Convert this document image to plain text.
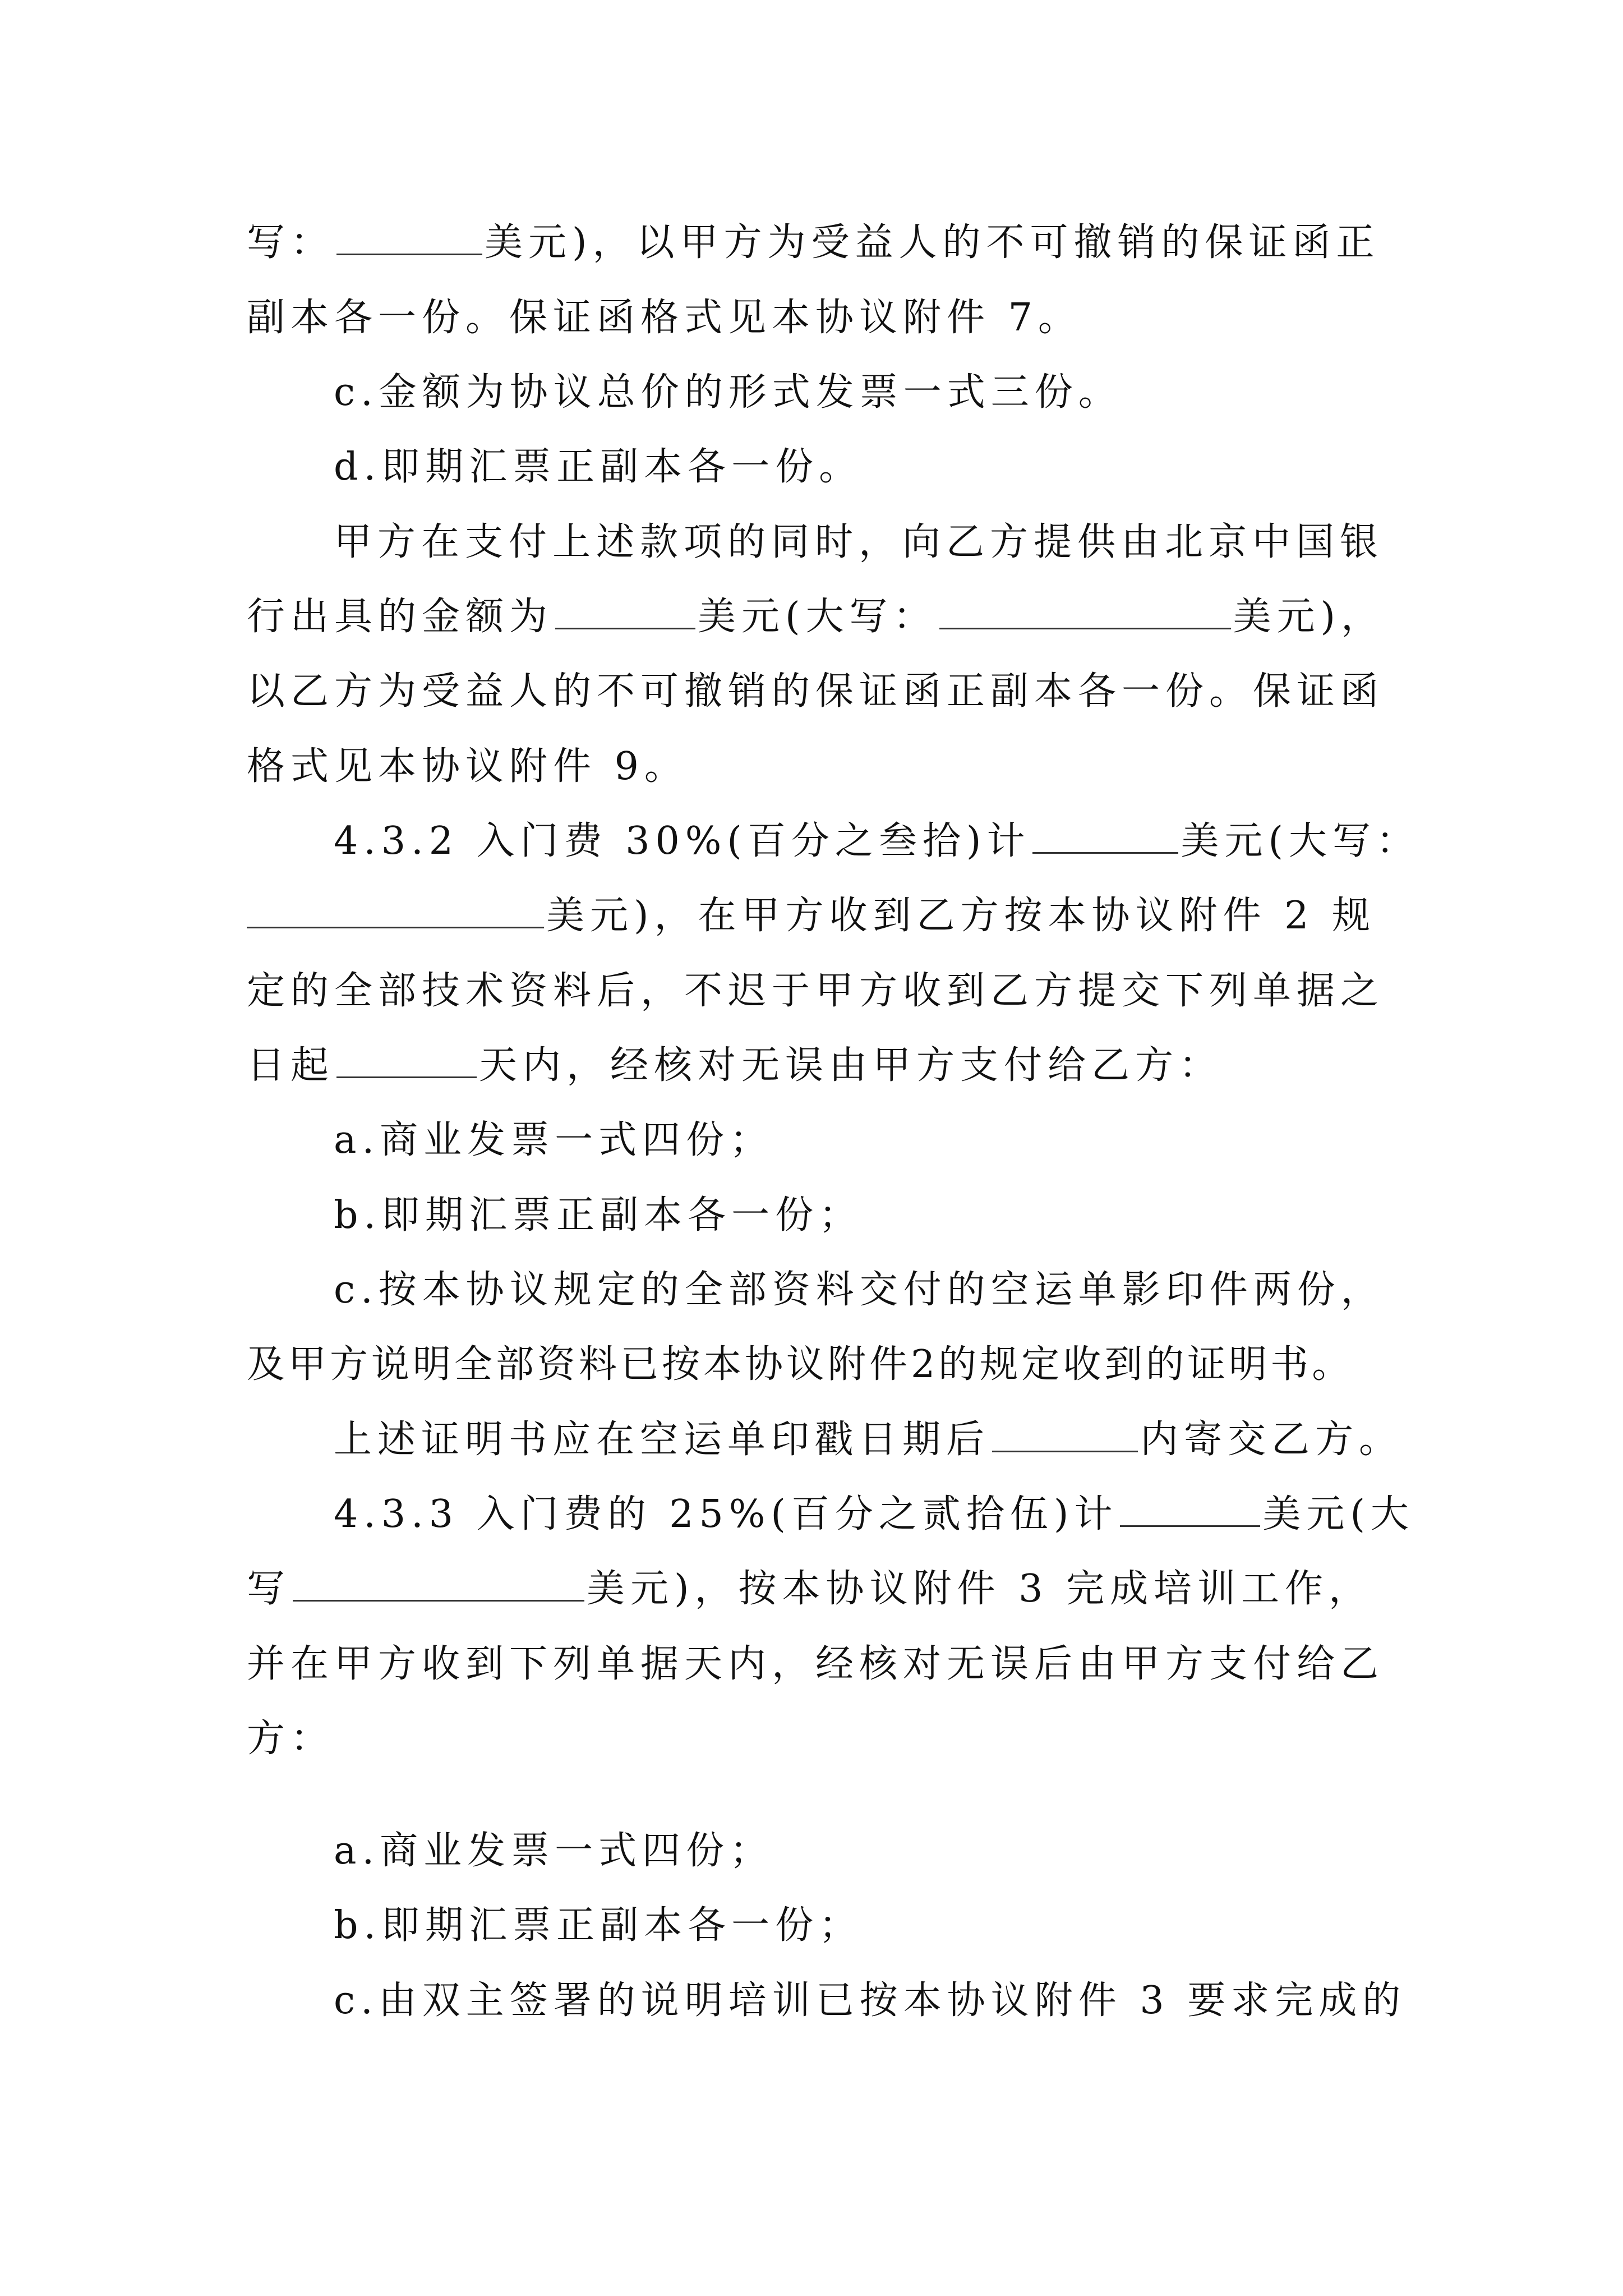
写：	美元)，以甲方为受益人的不可撤销的保证函正
副本各一份。保证函格式见本协议附件 7。
c.金额为协议总价的形式发票一式三份。
d.即期汇票正副本各一份。
甲方在支付上述款项的同时，向乙方提供由北京中国银
行出具的金额为	美元(大写：	美元)，
以乙方为受益人的不可撤销的保证函正副本各一份。保证函
格式见本协议附件 9。
4.3.2 入门费 30%(百分之叁拾)计	美元(大写：
美元)，在甲方收到乙方按本协议附件 2 规
定的全部技术资料后，不迟于甲方收到乙方提交下列单据之
日起	天内，经核对无误由甲方支付给乙方：
a.商业发票一式四份；
b.即期汇票正副本各一份；
c.按本协议规定的全部资料交付的空运单影印件两份，
及甲方说明全部资料已按本协议附件2的规定收到的证明书。
上述证明书应在空运单印戳日期后	内寄交乙方。
4.3.3 入门费的 25%(百分之贰拾伍)计	美元(大
写	美元)，按本协议附件 3 完成培训工作，
并在甲方收到下列单据天内，经核对无误后由甲方支付给乙
方：
a.商业发票一式四份；
b.即期汇票正副本各一份；
c.由双主签署的说明培训已按本协议附件 3 要求完成的
